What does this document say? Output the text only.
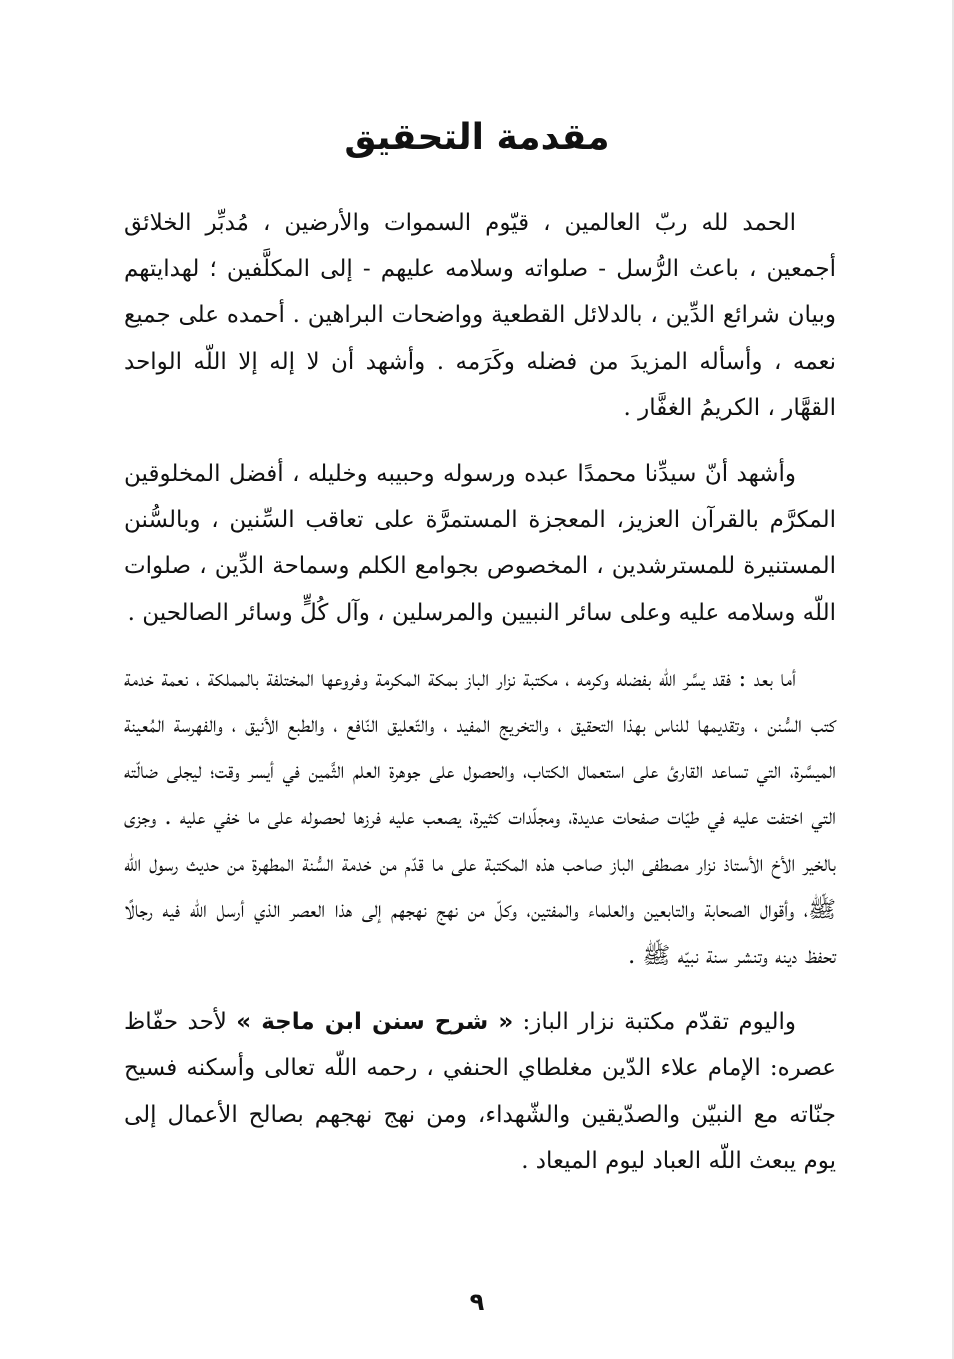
مقدمة التحقيق

الحمد لله ربّ العالمين ، قيّوم السموات والأرضين ، مُدبِّر الخلائق أجمعين ، باعث الرُّسل - صلواته وسلامه عليهم - إلى المكلَّفين ؛ لهدايتهم وبيان شرائع الدِّين ، بالدلائل القطعية وواضحات البراهين . أحمده على جميع نعمه ، وأسأله المزيدَ من فضله وكَرَمه . وأشهد أن لا إله إلا اللّه الواحد القهَّار ، الكريمُ الغفَّار .

وأشهد أنّ سيدِّنا محمدًا عبده ورسوله وحبيبه وخليله ، أفضل المخلوقين المكرَّم بالقرآن العزيز، المعجزة المستمرَّة على تعاقب السِّنين ، وبالسُّنن المستنيرة للمسترشدين ، المخصوص بجوامع الكلم وسماحة الدِّين ، صلوات اللّه وسلامه عليه وعلى سائر النبيين والمرسلين ، وآل كُلٍّ وسائر الصالحين .

أما بعد : فقد يسَّر اللّه بفضله وكرمه ، مكتبة نزار الباز بمكة المكرمة وفروعها المختلفة بالمملكة ، نعمة خدمة كتب السُّنن ، وتقديمها للناس بهذا التحقيق ، والتخريج المفيد ، والتّعليق النّافع ، والطبع الأنيق ، والفهرسة المُعينة الميسَّرة، التي تساعد القارئ على استعمال الكتاب، والحصول على جوهرة العلم الثَّمين في أيسر وقت؛ ليجلى ضالّته التي اختفت عليه في طيّات صفحات عديدة، ومجلّدات كثيرة، يصعب عليه فرزها لحصوله على ما خفي عليه . وجزى بالخير الأخ الأستاذ نزار مصطفى الباز صاحب هذه المكتبة على ما قدّم من خدمة السُّنة المطهرة من حديث رسول اللّه ﷺ، وأقوال الصحابة والتابعين والعلماء والمفتين، وكلّ من نهج نهجهم إلى هذا العصر الذي أرسل اللّه فيه رجالًا تحفظ دينه وتنشر سنة نبيّه ﷺ .

واليوم تقدّم مكتبة نزار الباز: « شرح سنن ابن ماجة » لأحد حفّاظ عصره: الإمام علاء الدّين مغلطاي الحنفي ، رحمه اللّه تعالى وأسكنه فسيح جنّاته مع النبيّن والصدّيقين والشّهداء، ومن نهج نهجهم بصالح الأعمال إلى يوم يبعث اللّه العباد ليوم الميعاد .

٩
